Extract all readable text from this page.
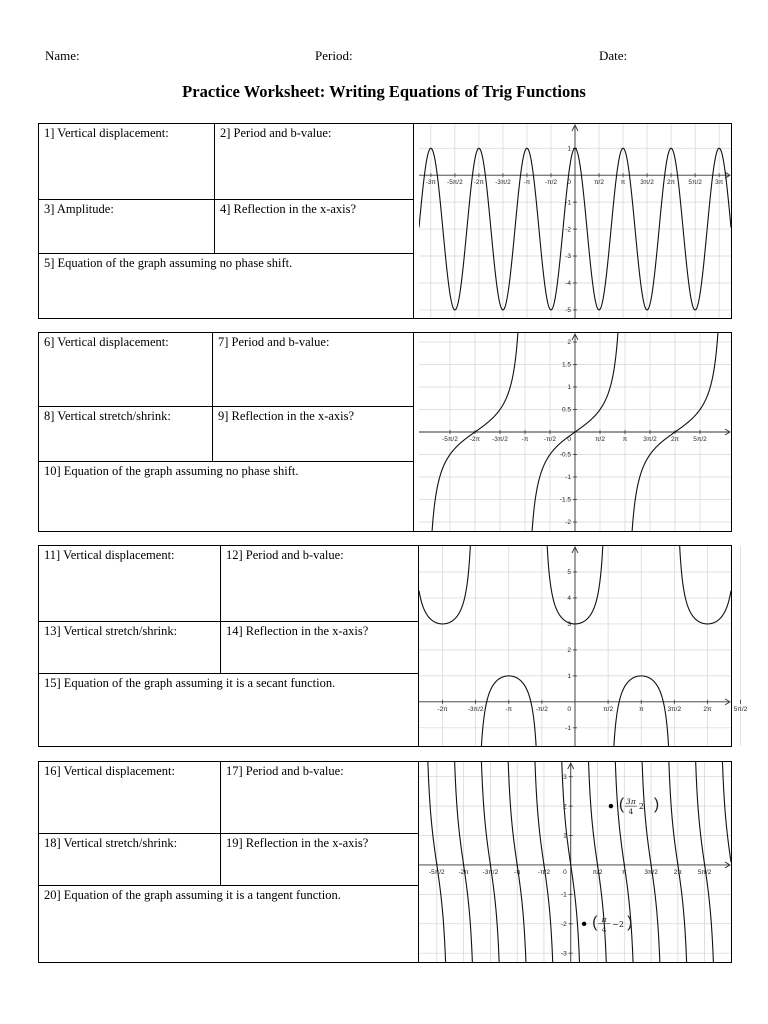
Name:	Period:	Date:
Practice Worksheet: Writing Equations of Trig Functions
1] Vertical displacement:	2] Period and b-value:
3] Amplitude:	4] Reflection in the x-axis?
5] Equation of the graph assuming no phase shift.
-3π -5π/2 -2π -3π/2 -π -π/2	π/2	π 3π/2 2π 5π/2 3π
1
-1
-2
-3
-4
-5
0
6] Vertical displacement:	7] Period and b-value:
8] Vertical stretch/shrink:	9] Reflection in the x-axis?
10] Equation of the graph assuming no phase shift.
-5π/2 -2π -3π/2 -π -π/2	π/2	π 3π/2 2π 5π/2
2
1.5
1
0.5
-0.5
-1
-1.5
-2
0
11] Vertical displacement:	12] Period and b-value:
13] Vertical stretch/shrink:	14] Reflection in the x-axis?
15] Equation of the graph assuming it is a secant function.
-2π	-3π/2	-π	-π/2	π/2	π	3π/2	2π	5π/2
5
4
3
2
1
-1
0
16] Vertical displacement:	17] Period and b-value:
18] Vertical stretch/shrink:	19] Reflection in the x-axis?
20] Equation of the graph assuming it is a tangent function.
-5π/2 -2π -3π/2 -π	-π/2	π/2	π	3π/2 2π 5π/2
3
2
1
-1
-2
-3
0
( 3π
4
2 )
( π
4
−2 )
